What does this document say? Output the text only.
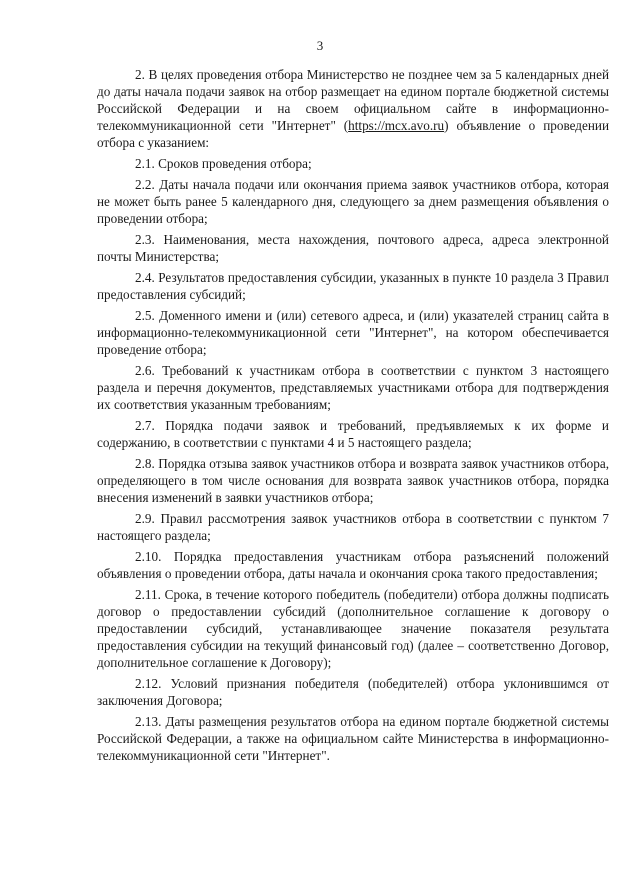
3

2. В целях проведения отбора Министерство не позднее чем за 5 календарных дней до даты начала подачи заявок на отбор размещает на едином портале бюджетной системы Российской Федерации и на своем официальном сайте в информационно-телекоммуникационной сети "Интернет" (https://mcx.avo.ru) объявление о проведении отбора с указанием:

2.1. Сроков проведения отбора;

2.2. Даты начала подачи или окончания приема заявок участников отбора, которая не может быть ранее 5 календарного дня, следующего за днем размещения объявления о проведении отбора;

2.3. Наименования, места нахождения, почтового адреса, адреса электронной почты Министерства;

2.4. Результатов предоставления субсидии, указанных в пункте 10 раздела 3 Правил предоставления субсидий;

2.5. Доменного имени и (или) сетевого адреса, и (или) указателей страниц сайта в информационно-телекоммуникационной сети "Интернет", на котором обеспечивается проведение отбора;

2.6. Требований к участникам отбора в соответствии с пунктом 3 настоящего раздела и перечня документов, представляемых участниками отбора для подтверждения их соответствия указанным требованиям;

2.7. Порядка подачи заявок и требований, предъявляемых к их форме и содержанию, в соответствии с пунктами 4 и 5 настоящего раздела;

2.8. Порядка отзыва заявок участников отбора и возврата заявок участников отбора, определяющего в том числе основания для возврата заявок участников отбора, порядка внесения изменений в заявки участников отбора;

2.9. Правил рассмотрения заявок участников отбора в соответствии с пунктом 7 настоящего раздела;

2.10. Порядка предоставления участникам отбора разъяснений положений объявления о проведении отбора, даты начала и окончания срока такого предоставления;

2.11. Срока, в течение которого победитель (победители) отбора должны подписать договор о предоставлении субсидий (дополнительное соглашение к договору о предоставлении субсидий, устанавливающее значение показателя результата предоставления субсидии на текущий финансовый год) (далее – соответственно Договор, дополнительное соглашение к Договору);

2.12. Условий признания победителя (победителей) отбора уклонившимся от заключения Договора;

2.13. Даты размещения результатов отбора на едином портале бюджетной системы Российской Федерации, а также на официальном сайте Министерства в информационно-телекоммуникационной сети "Интернет".
